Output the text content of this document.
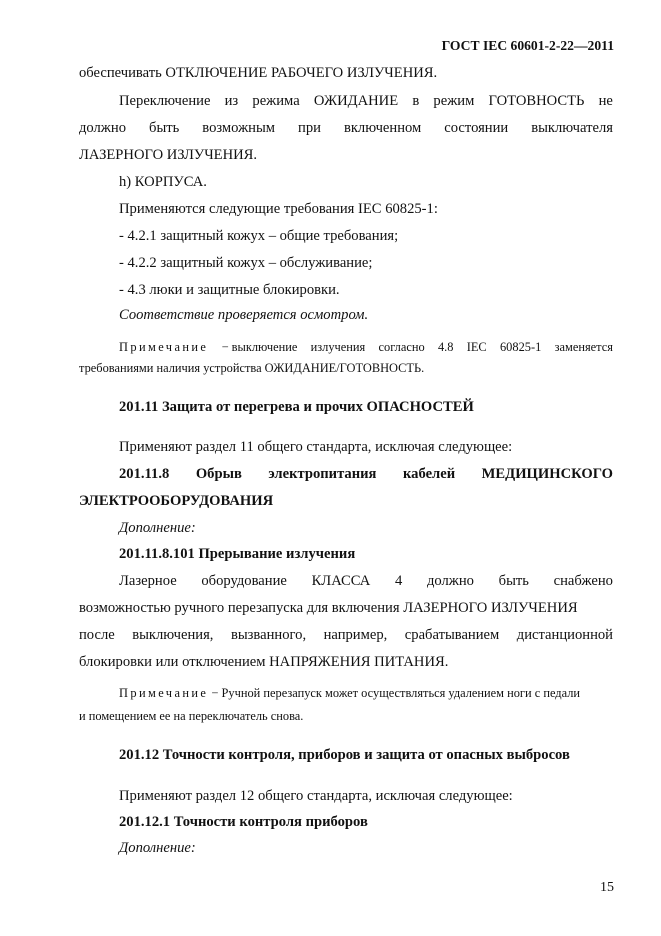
ГОСТ IEC 60601-2-22—2011
обеспечивать ОТКЛЮЧЕНИЕ РАБОЧЕГО ИЗЛУЧЕНИЯ.
Переключение из режима ОЖИДАНИЕ в режим ГОТОВНОСТЬ не
должно быть возможным при включенном состоянии выключателя
ЛАЗЕРНОГО ИЗЛУЧЕНИЯ.
h) КОРПУСА.
Применяются следующие требования IEC 60825-1:
- 4.2.1 защитный кожух – общие требования;
- 4.2.2 защитный кожух – обслуживание;
- 4.3 люки и защитные блокировки.
Соответствие проверяется осмотром.
Примечание − выключение излучения согласно 4.8 IEC 60825-1 заменяется
требованиями наличия устройства ОЖИДАНИЕ/ГОТОВНОСТЬ.
201.11 Защита от перегрева и прочих ОПАСНОСТЕЙ
Применяют раздел 11 общего стандарта, исключая следующее:
201.11.8 Обрыв электропитания кабелей МЕДИЦИНСКОГО
ЭЛЕКТРООБОРУДОВАНИЯ
Дополнение:
201.11.8.101 Прерывание излучения
Лазерное оборудование КЛАССА 4 должно быть снабжено
возможностью ручного перезапуска для включения ЛАЗЕРНОГО ИЗЛУЧЕНИЯ
после выключения, вызванного, например, срабатыванием дистанционной
блокировки или отключением НАПРЯЖЕНИЯ ПИТАНИЯ.
Примечание − Ручной перезапуск может осуществляться удалением ноги с педали
и помещением ее на переключатель снова.
201.12 Точности контроля, приборов и защита от опасных выбросов
Применяют раздел 12 общего стандарта, исключая следующее:
201.12.1 Точности контроля приборов
Дополнение:
15
